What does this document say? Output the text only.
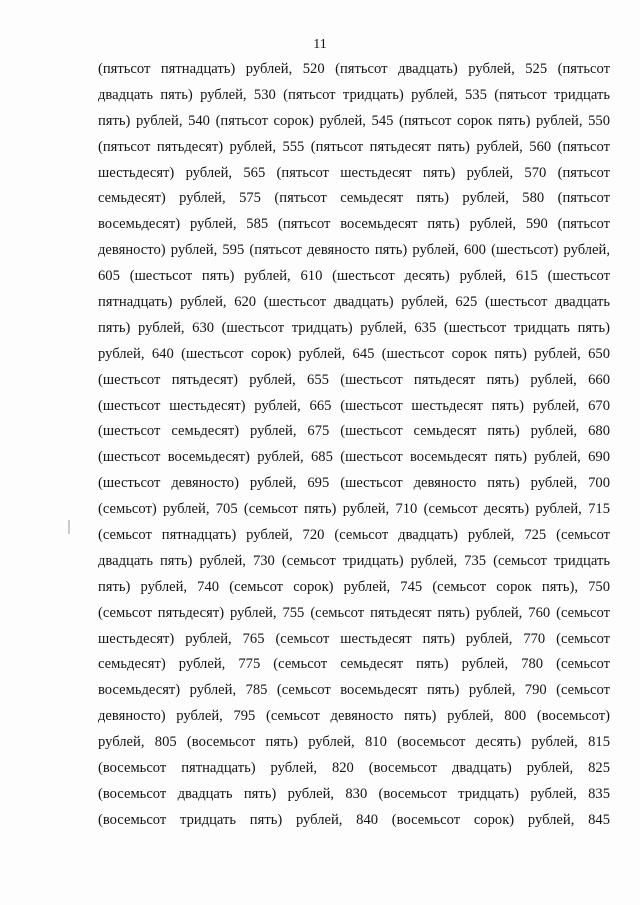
11
(пятьсот пятнадцать) рублей, 520 (пятьсот двадцать) рублей, 525 (пятьсот
двадцать пять) рублей, 530 (пятьсот тридцать) рублей, 535 (пятьсот тридцать
пять) рублей, 540 (пятьсот сорок) рублей, 545 (пятьсот сорок пять) рублей, 550
(пятьсот пятьдесят) рублей, 555 (пятьсот пятьдесят пять) рублей, 560 (пятьсот
шестьдесят) рублей, 565 (пятьсот шестьдесят пять) рублей, 570 (пятьсот
семьдесят) рублей, 575 (пятьсот семьдесят пять) рублей, 580 (пятьсот
восемьдесят) рублей, 585 (пятьсот восемьдесят пять) рублей, 590 (пятьсот
девяносто) рублей, 595 (пятьсот девяносто пять) рублей, 600 (шестьсот) рублей,
605 (шестьсот пять) рублей, 610 (шестьсот десять) рублей, 615 (шестьсот
пятнадцать) рублей, 620 (шестьсот двадцать) рублей, 625 (шестьсот двадцать
пять) рублей, 630 (шестьсот тридцать) рублей, 635 (шестьсот тридцать пять)
рублей, 640 (шестьсот сорок) рублей, 645 (шестьсот сорок пять) рублей, 650
(шестьсот пятьдесят) рублей, 655 (шестьсот пятьдесят пять) рублей, 660
(шестьсот шестьдесят) рублей, 665 (шестьсот шестьдесят пять) рублей, 670
(шестьсот семьдесят) рублей, 675 (шестьсот семьдесят пять) рублей, 680
(шестьсот восемьдесят) рублей, 685 (шестьсот восемьдесят пять) рублей, 690
(шестьсот девяносто) рублей, 695 (шестьсот девяносто пять) рублей, 700
(семьсот) рублей, 705 (семьсот пять) рублей, 710 (семьсот десять) рублей, 715
(семьсот пятнадцать) рублей, 720 (семьсот двадцать) рублей, 725 (семьсот
двадцать пять) рублей, 730 (семьсот тридцать) рублей, 735 (семьсот тридцать
пять) рублей, 740 (семьсот сорок) рублей, 745 (семьсот сорок пять), 750
(семьсот пятьдесят) рублей, 755 (семьсот пятьдесят пять) рублей, 760 (семьсот
шестьдесят) рублей, 765 (семьсот шестьдесят пять) рублей, 770 (семьсот
семьдесят) рублей, 775 (семьсот семьдесят пять) рублей, 780 (семьсот
восемьдесят) рублей, 785 (семьсот восемьдесят пять) рублей, 790 (семьсот
девяносто) рублей, 795 (семьсот девяносто пять) рублей, 800 (восемьсот)
рублей, 805 (восемьсот пять) рублей, 810 (восемьсот десять) рублей, 815
(восемьсот пятнадцать) рублей, 820 (восемьсот двадцать) рублей, 825
(восемьсот двадцать пять) рублей, 830 (восемьсот тридцать) рублей, 835
(восемьсот тридцать пять) рублей, 840 (восемьсот сорок) рублей, 845
